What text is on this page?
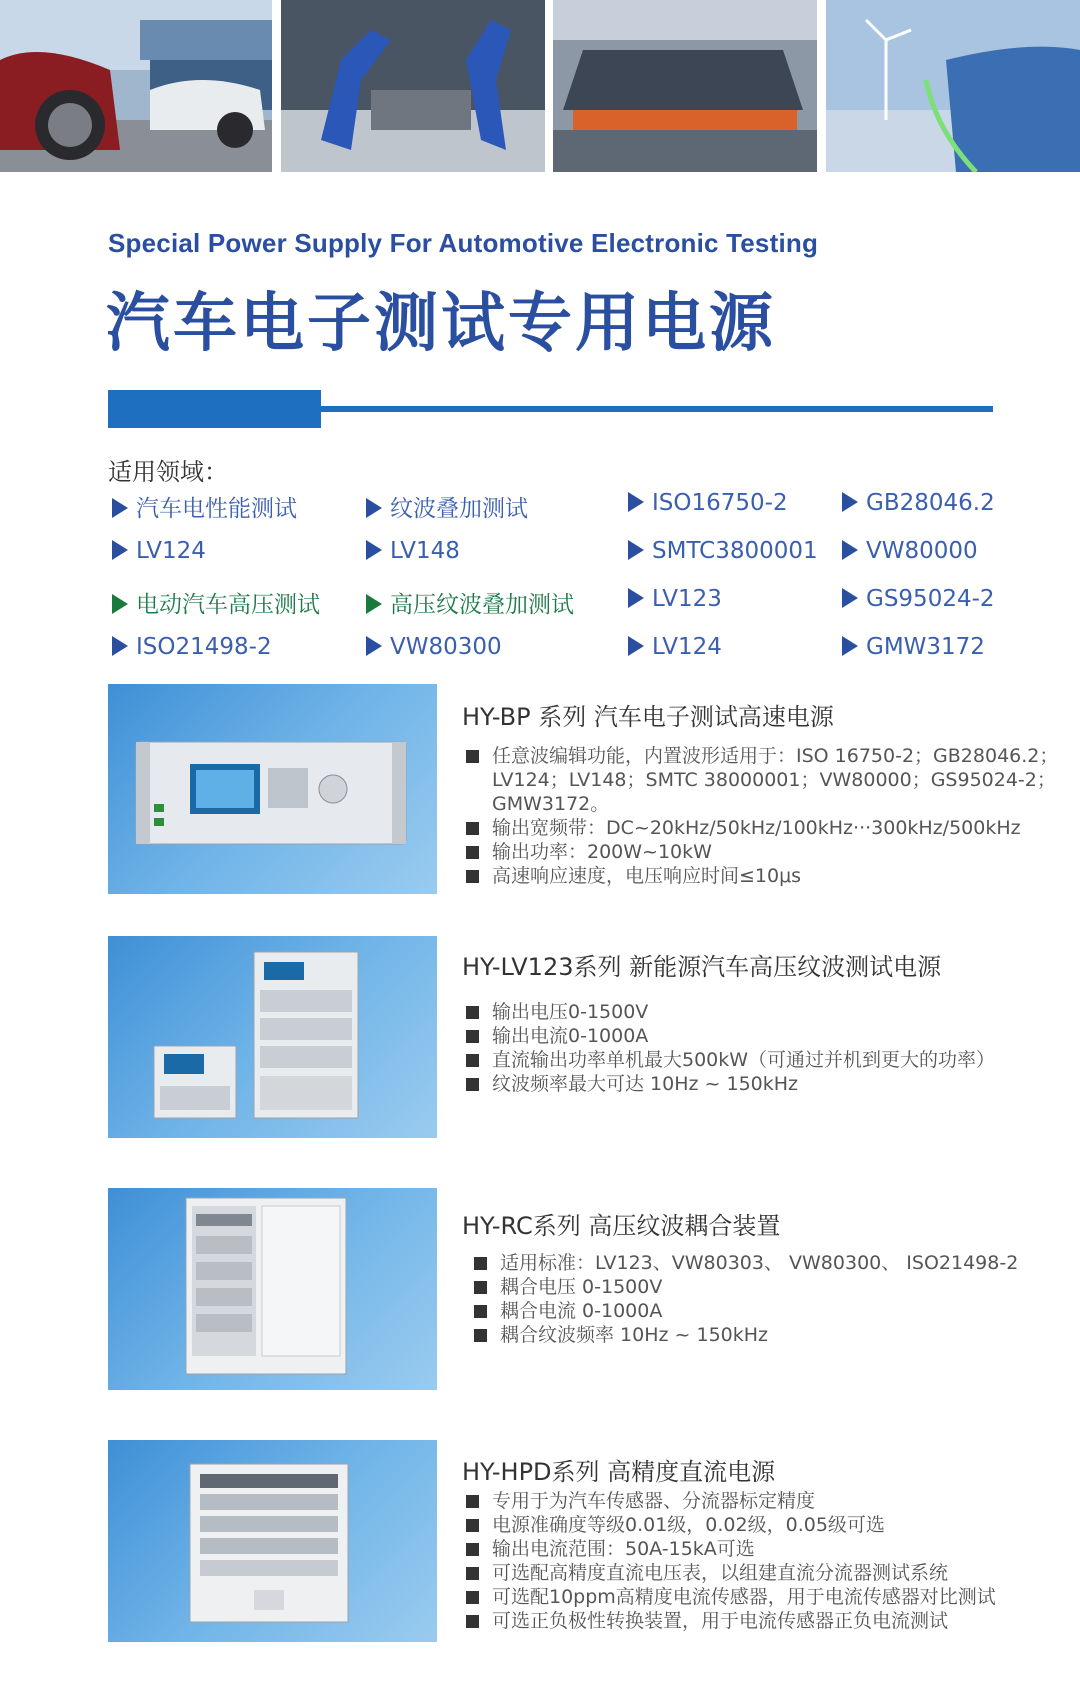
Special Power Supply For Automotive Electronic Testing
汽车电子测试专用电源
适用领域：
汽车电性能测试	纹波叠加测试	ISO16750-2	GB28046.2
LV124	LV148	SMTC3800001	VW80000
电动汽车高压测试	高压纹波叠加测试	LV123	GS95024-2
ISO21498-2	VW80300	LV124	GMW3172
HY-BP 系列 汽车电子测试高速电源
任意波编辑功能，内置波形适用于：ISO 16750-2；GB28046.2；LV124；LV148；SMTC 38000001；VW80000；GS95024-2；GMW3172。
输出宽频带：DC~20kHz/50kHz/100kHz···300kHz/500kHz
输出功率：200W~10kW
高速响应速度，电压响应时间≤10μs
HY-LV123系列 新能源汽车高压纹波测试电源
输出电压0-1500V
输出电流0-1000A
直流输出功率单机最大500kW（可通过并机到更大的功率）
纹波频率最大可达 10Hz ~ 150kHz
HY-RC系列 高压纹波耦合装置
适用标准：LV123、VW80303、 VW80300、 ISO21498-2
耦合电压 0-1500V
耦合电流 0-1000A
耦合纹波频率 10Hz ~ 150kHz
HY-HPD系列 高精度直流电源
专用于为汽车传感器、分流器标定精度
电源准确度等级0.01级，0.02级，0.05级可选
输出电流范围：50A-15kA可选
可选配高精度直流电压表，以组建直流分流器测试系统
可选配10ppm高精度电流传感器，用于电流传感器对比测试
可选正负极性转换装置，用于电流传感器正负电流测试
